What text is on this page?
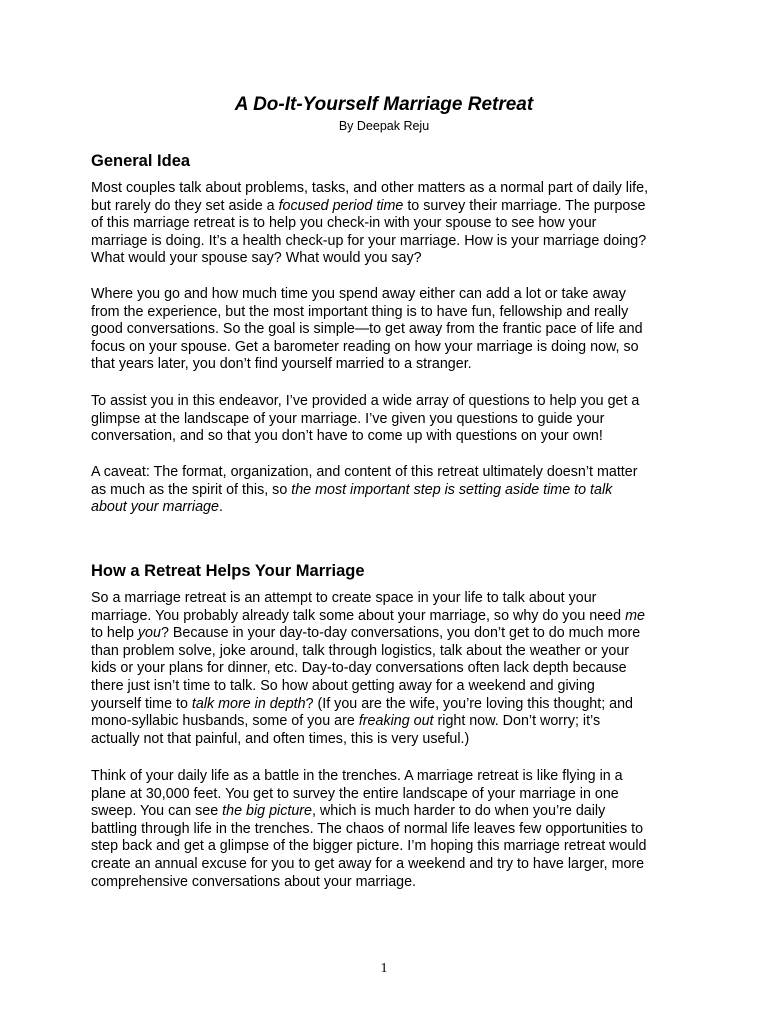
A Do-It-Yourself Marriage Retreat

By Deepak Reju

General Idea

Most couples talk about problems, tasks, and other matters as a normal part of daily life,
but rarely do they set aside a focused period time to survey their marriage. The purpose
of this marriage retreat is to help you check-in with your spouse to see how your
marriage is doing. It’s a health check-up for your marriage. How is your marriage doing?
What would your spouse say? What would you say?

Where you go and how much time you spend away either can add a lot or take away
from the experience, but the most important thing is to have fun, fellowship and really
good conversations. So the goal is simple—to get away from the frantic pace of life and
focus on your spouse. Get a barometer reading on how your marriage is doing now, so
that years later, you don’t find yourself married to a stranger.

To assist you in this endeavor, I’ve provided a wide array of questions to help you get a
glimpse at the landscape of your marriage. I’ve given you questions to guide your
conversation, and so that you don’t have to come up with questions on your own!

A caveat: The format, organization, and content of this retreat ultimately doesn’t matter
as much as the spirit of this, so the most important step is setting aside time to talk
about your marriage.

How a Retreat Helps Your Marriage

So a marriage retreat is an attempt to create space in your life to talk about your
marriage. You probably already talk some about your marriage, so why do you need me
to help you? Because in your day-to-day conversations, you don’t get to do much more
than problem solve, joke around, talk through logistics, talk about the weather or your
kids or your plans for dinner, etc. Day-to-day conversations often lack depth because
there just isn’t time to talk. So how about getting away for a weekend and giving
yourself time to talk more in depth? (If you are the wife, you’re loving this thought; and
mono-syllabic husbands, some of you are freaking out right now. Don’t worry; it’s
actually not that painful, and often times, this is very useful.)

Think of your daily life as a battle in the trenches. A marriage retreat is like flying in a
plane at 30,000 feet. You get to survey the entire landscape of your marriage in one
sweep. You can see the big picture, which is much harder to do when you’re daily
battling through life in the trenches. The chaos of normal life leaves few opportunities to
step back and get a glimpse of the bigger picture. I’m hoping this marriage retreat would
create an annual excuse for you to get away for a weekend and try to have larger, more
comprehensive conversations about your marriage.

1
